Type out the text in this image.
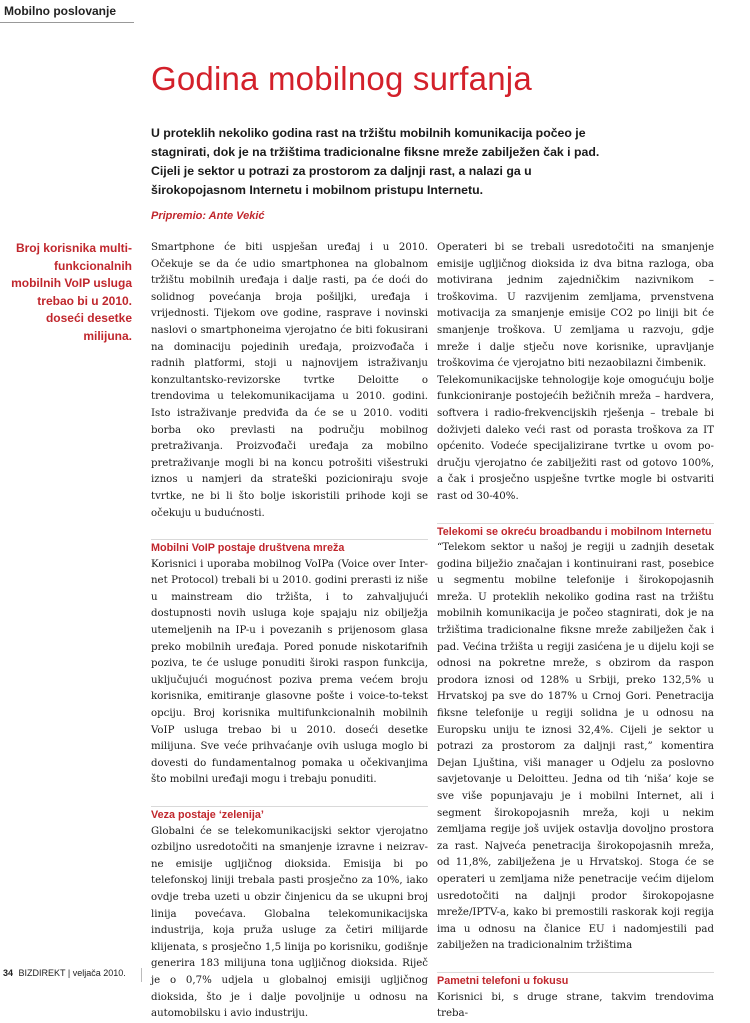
Mobilno poslovanje
Godina mobilnog surfanja

U proteklih nekoliko godina rast na tržištu mobilnih komunikacija počeo je stagnirati, dok je na tržištima tradicionalne fiksne mreže zabilježen čak i pad. Cijeli je sektor u potrazi za prostorom za daljnji rast, a nalazi ga u širokopojasnom Internetu i mobilnom pristupu Internetu.

Pripremio: Ante Vekić

Broj korisnika multifunkcionalnih mobilnih VoIP usluga trebao bi u 2010. doseći desetke milijuna.

Smartphone će biti uspješan uređaj i u 2010. Očekuje se da će udio smartphonea na globalnom tržištu mobilnih uređaja i dalje rasti, pa će doći do solidnog povećanja broja pošiljki, uređaja i vrijednosti. Tijekom ove godine, rasprave i novinski naslovi o smartphoneima vjerojatno će biti fokusirani na dominaciju pojedinih uređaja, proizvođača i radnih platformi, stoji u najnovijem istraživanju konzultantsko-revizorske tvrtke Deloitte o trendovima u telekomunikacijama u 2010. godini. Isto istraživanje predviđa da će se u 2010. voditi borba oko prevlasti na području mobilnog pretraživanja. Proizvođači uređaja za mobilno pretraživanje mogli bi na koncu potrošiti višestruki iznos u namjeri da strateški pozicioniraju svoje tvrtke, ne bi li što bolje iskoristili prihode koji se očekuju u budućnosti.

Mobilni VoIP postaje društvena mreža

Korisnici i uporaba mobilnog VoIPa (Voice over Internet Protocol) trebali bi u 2010. godini prerasti iz niše u mainstream dio tržišta, i to zahvaljujući dostupnosti novih usluga koje spajaju niz obilježja utemeljenih na IP-u i povezanih s prijenosom glasa preko mobilnih uređaja. Pored ponude niskotarifnih poziva, te će usluge ponuditi široki raspon funkcija, uključujući mogućnost poziva prema većem broju korisnika, emitiranje glasovne pošte i voice-to-tekst opciju. Broj korisnika multifunkcionalnih mobilnih VoIP usluga trebao bi u 2010. doseći desetke milijuna. Sve veće prihvaćanje ovih usluga moglo bi dovesti do fundamentalnog pomaka u očekivanjima što mobilni uređaji mogu i trebaju ponuditi.

Veza postaje ‘zelenija’

Globalni će se telekomunikacijski sektor vjerojatno ozbiljno usredotočiti na smanjenje izravne i neizravne emisije ugljičnog dioksida. Emisija bi po telefonskoj liniji trebala pasti prosječno za 10%, iako ovdje treba uzeti u obzir činjenicu da se ukupni broj linija povećava. Globalna telekomunikacijska industrija, koja pruža usluge za četiri milijarde klijenata, s prosječno 1,5 linija po korisniku, godišnje generira 183 milijuna tona ugljičnog dioksida. Riječ je o 0,7% udjela u globalnoj emisiji ugljičnog dioksida, što je i dalje povoljnije u odnosu na automobilsku i avio industriju.

Operateri bi se trebali usredotočiti na smanjenje emisije ugljičnog dioksida iz dva bitna razloga, oba motivirana jednim zajedničkim nazivnikom – troškovima. U razvijenim zemljama, prvenstvena motivacija za smanjenje emisije CO2 po liniji bit će smanjenje troškova. U zemljama u razvoju, gdje mreže i dalje stječu nove korisnike, upravljanje troškovima će vjerojatno biti nezaobilazni čimbenik.

Telekomunikacijske tehnologije koje omogućuju bolje funkcioniranje postojećih bežičnih mreža – hardvera, softvera i radio-frekvencijskih rješenja – trebale bi doživjeti daleko veći rast od porasta troškova za IT općenito. Vodeće specijalizirane tvrtke u ovom području vjerojatno će zabilježiti rast od gotovo 100%, a čak i prosječno uspješne tvrtke mogle bi ostvariti rast od 30-40%.

Telekomi se okreću broadbandu i mobilnom Internetu

“Telekom sektor u našoj je regiji u zadnjih desetak godina bilježio značajan i kontinuirani rast, posebice u segmentu mobilne telefonije i širokopojasnih mreža. U proteklih nekoliko godina rast na tržištu mobilnih komunikacija je počeo stagnirati, dok je na tržištima tradicionalne fiksne mreže zabilježen čak i pad. Većina tržišta u regiji zasićena je u dijelu koji se odnosi na pokretne mreže, s obzirom da raspon prodora iznosi od 128% u Srbiji, preko 132,5% u Hrvatskoj pa sve do 187% u Crnoj Gori. Penetracija fiksne telefonije u regiji solidna je u odnosu na Europsku uniju te iznosi 32,4%. Cijeli je sektor u potrazi za prostorom za daljnji rast,” komentira Dejan Ljuština, viši manager u Odjelu za poslovno savjetovanje u Deloittеu. Jedna od tih ‘niša’ koje se sve više popunjavaju je i mobilni Internet, ali i segment širokopojasnih mreža, koji u nekim zemljama regije još uvijek ostavlja dovoljno prostora za rast. Najveća penetracija širokopojasnih mreža, od 11,8%, zabilježena je u Hrvatskoj. Stoga će se operateri u zemljama niže penetracije većim dijelom usredotočiti na daljnji prodor širokopojasne mreže/IPTV-a, kako bi premostili raskorak koji regija ima u odnosu na članice EU i nadomjestili pad zabilježen na tradicionalnim tržištima

Pametni telefoni u fokusu

Korisnici bi, s druge strane, takvim trendovima treba-

34 BIZDIREKT | veljača 2010.
